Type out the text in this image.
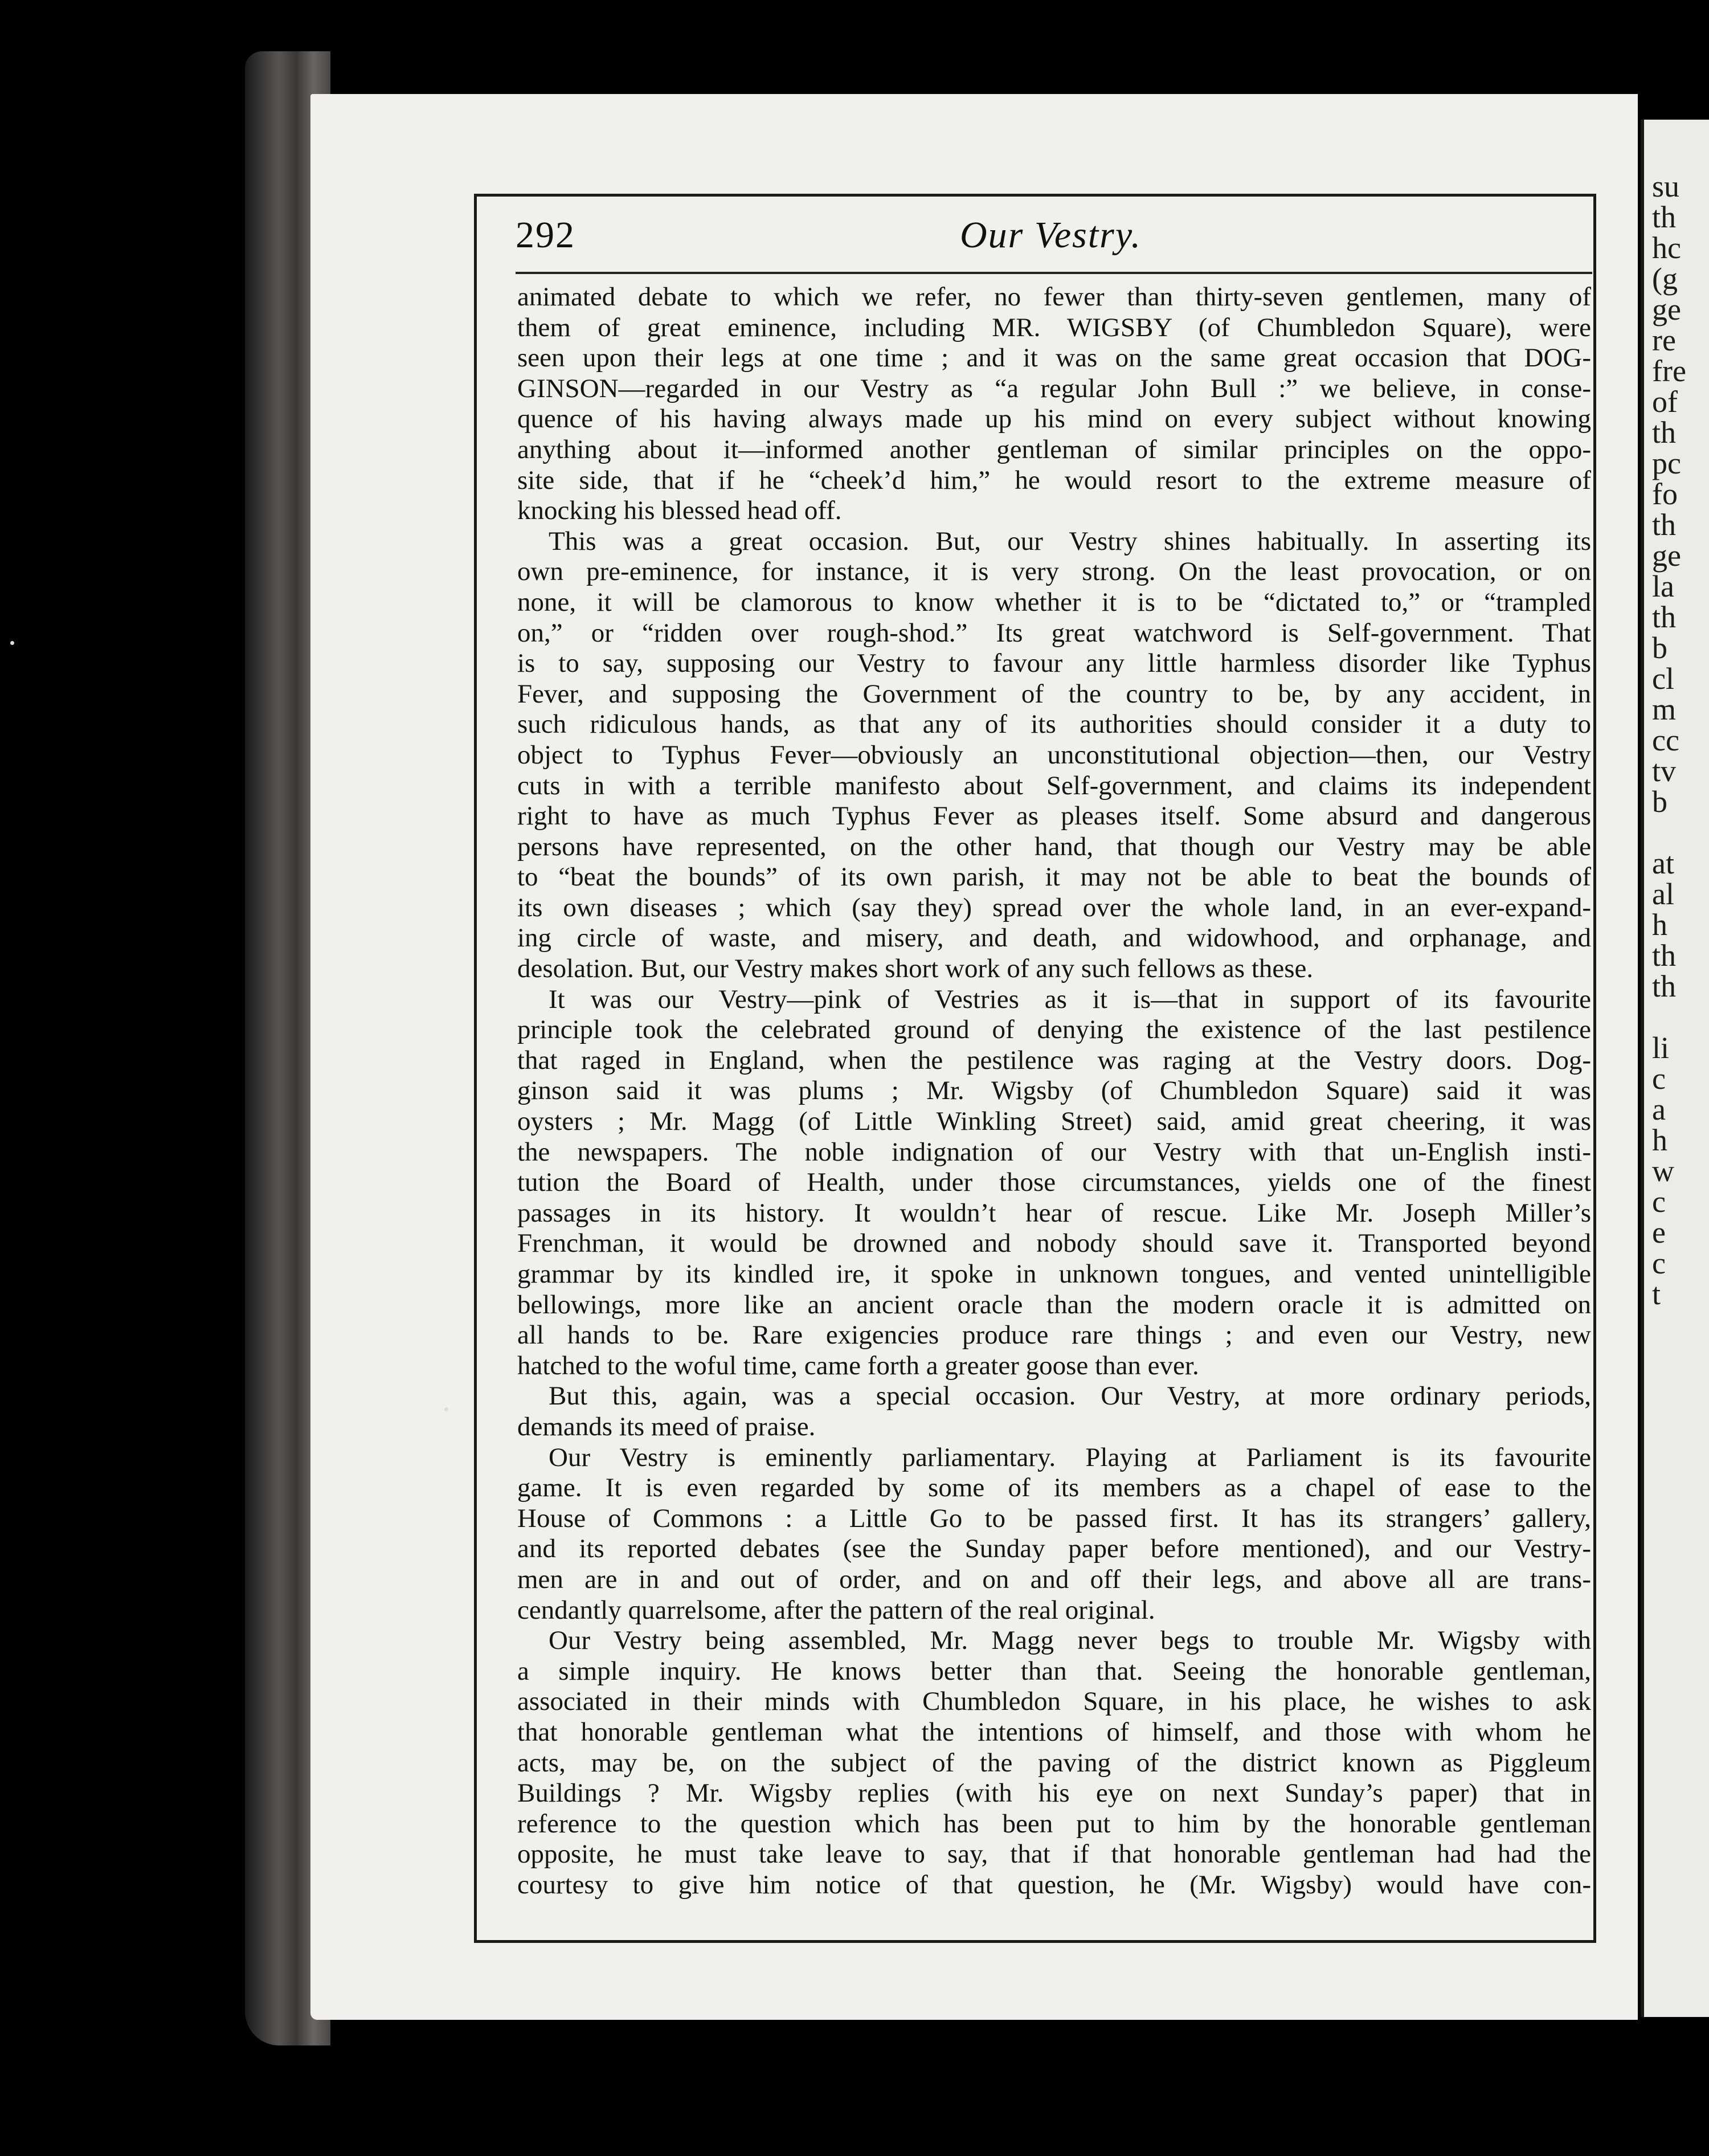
su
th
hc
(g
ge
re
fre
of
th
pc
fo
th
ge
la
th
b
cl
m
cc
tv
b
at
al
h
th
th
li
c
a
h
w
c
e
c
t
292	Our Vestry.
animated debate to which we refer, no fewer than thirty-seven gentlemen, many of
them of great eminence, including MR. WIGSBY (of Chumbledon Square), were
seen upon their legs at one time ; and it was on the same great occasion that DOG-
GINSON—regarded in our Vestry as “a regular John Bull :” we believe, in conse-
quence of his having always made up his mind on every subject without knowing
anything about it—informed another gentleman of similar principles on the oppo-
site side, that if he “cheek’d him,” he would resort to the extreme measure of
knocking his blessed head off.
This was a great occasion. But, our Vestry shines habitually. In asserting its
own pre-eminence, for instance, it is very strong. On the least provocation, or on
none, it will be clamorous to know whether it is to be “dictated to,” or “trampled
on,” or “ridden over rough-shod.” Its great watchword is Self-government. That
is to say, supposing our Vestry to favour any little harmless disorder like Typhus
Fever, and supposing the Government of the country to be, by any accident, in
such ridiculous hands, as that any of its authorities should consider it a duty to
object to Typhus Fever—obviously an unconstitutional objection—then, our Vestry
cuts in with a terrible manifesto about Self-government, and claims its independent
right to have as much Typhus Fever as pleases itself. Some absurd and dangerous
persons have represented, on the other hand, that though our Vestry may be able
to “beat the bounds” of its own parish, it may not be able to beat the bounds of
its own diseases ; which (say they) spread over the whole land, in an ever-expand-
ing circle of waste, and misery, and death, and widowhood, and orphanage, and
desolation. But, our Vestry makes short work of any such fellows as these.
It was our Vestry—pink of Vestries as it is—that in support of its favourite
principle took the celebrated ground of denying the existence of the last pestilence
that raged in England, when the pestilence was raging at the Vestry doors. Dog-
ginson said it was plums ; Mr. Wigsby (of Chumbledon Square) said it was
oysters ; Mr. Magg (of Little Winkling Street) said, amid great cheering, it was
the newspapers. The noble indignation of our Vestry with that un-English insti-
tution the Board of Health, under those circumstances, yields one of the finest
passages in its history. It wouldn’t hear of rescue. Like Mr. Joseph Miller’s
Frenchman, it would be drowned and nobody should save it. Transported beyond
grammar by its kindled ire, it spoke in unknown tongues, and vented unintelligible
bellowings, more like an ancient oracle than the modern oracle it is admitted on
all hands to be. Rare exigencies produce rare things ; and even our Vestry, new
hatched to the woful time, came forth a greater goose than ever.
But this, again, was a special occasion. Our Vestry, at more ordinary periods,
demands its meed of praise.
Our Vestry is eminently parliamentary. Playing at Parliament is its favourite
game. It is even regarded by some of its members as a chapel of ease to the
House of Commons : a Little Go to be passed first. It has its strangers’ gallery,
and its reported debates (see the Sunday paper before mentioned), and our Vestry-
men are in and out of order, and on and off their legs, and above all are trans-
cendantly quarrelsome, after the pattern of the real original.
Our Vestry being assembled, Mr. Magg never begs to trouble Mr. Wigsby with
a simple inquiry. He knows better than that. Seeing the honorable gentleman,
associated in their minds with Chumbledon Square, in his place, he wishes to ask
that honorable gentleman what the intentions of himself, and those with whom he
acts, may be, on the subject of the paving of the district known as Piggleum
Buildings ? Mr. Wigsby replies (with his eye on next Sunday’s paper) that in
reference to the question which has been put to him by the honorable gentleman
opposite, he must take leave to say, that if that honorable gentleman had had the
courtesy to give him notice of that question, he (Mr. Wigsby) would have con-
